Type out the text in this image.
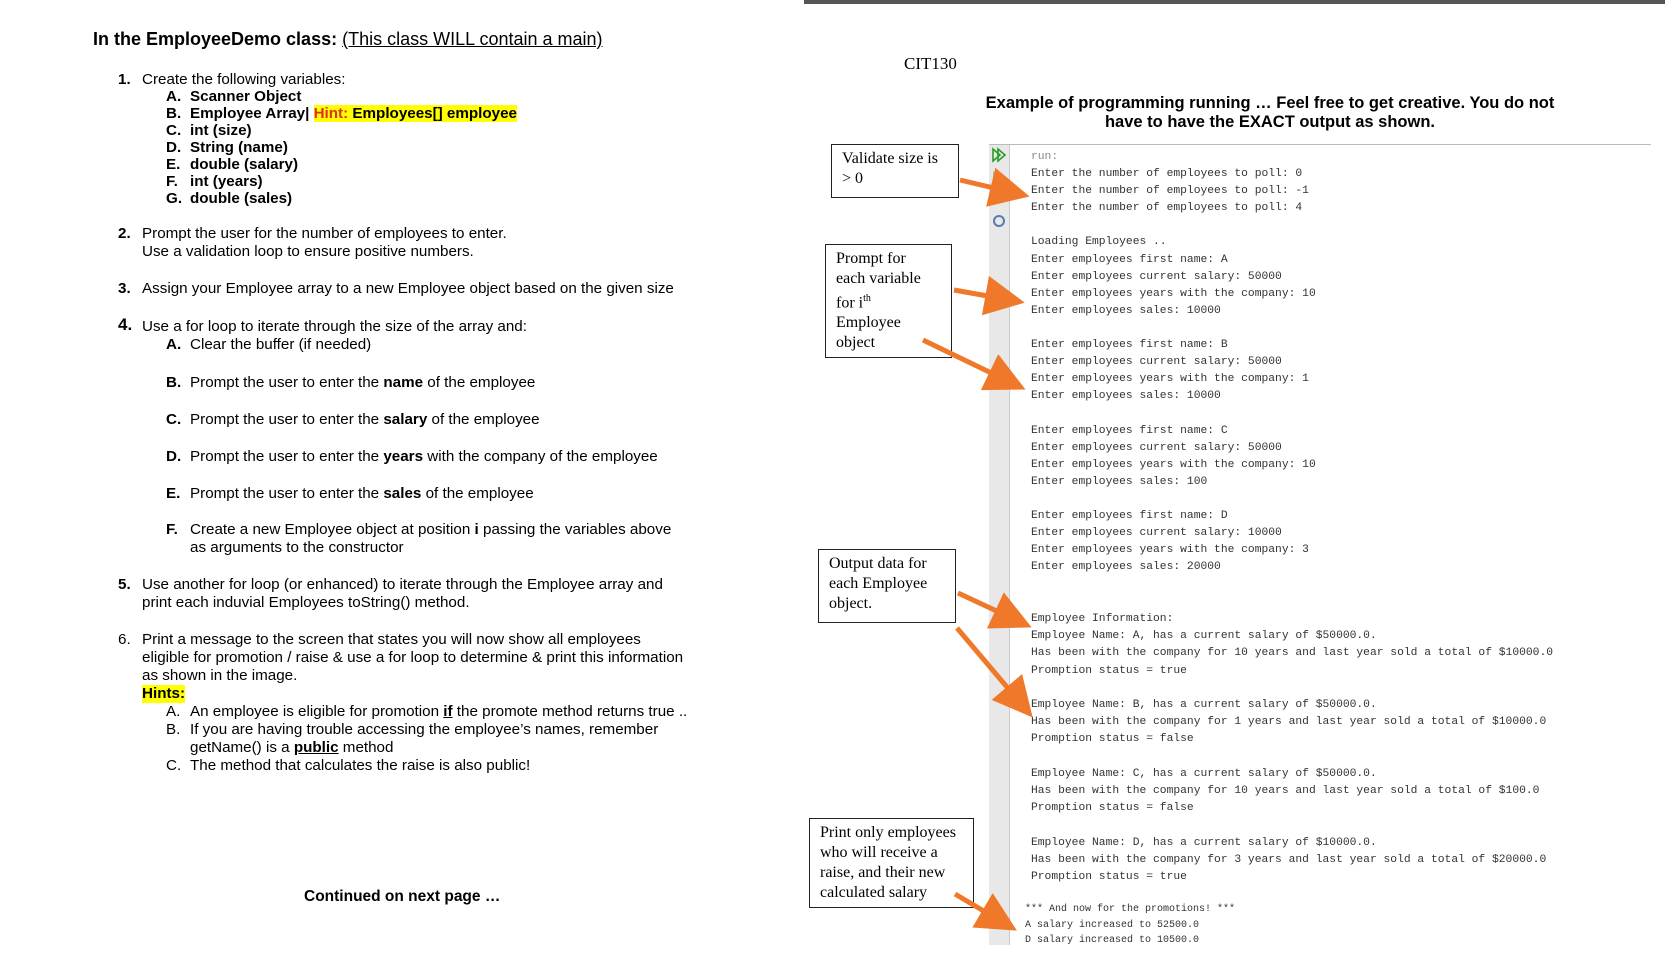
In the EmployeeDemo class: (This class WILL contain a main)
1. Create the following variables:
A. Scanner Object
B. Employee Array| Hint: Employees[] employee
C. int (size)
D. String (name)
E. double (salary)
F. int (years)
G. double (sales)
2. Prompt the user for the number of employees to enter.
Use a validation loop to ensure positive numbers.
3. Assign your Employee array to a new Employee object based on the given size
4. Use a for loop to iterate through the size of the array and:
A. Clear the buffer (if needed)
B. Prompt the user to enter the name of the employee
C. Prompt the user to enter the salary of the employee
D. Prompt the user to enter the years with the company of the employee
E. Prompt the user to enter the sales of the employee
F. Create a new Employee object at position i passing the variables above
as arguments to the constructor
5. Use another for loop (or enhanced) to iterate through the Employee array and
print each induvial Employees toString() method.
6. Print a message to the screen that states you will now show all employees
eligible for promotion / raise & use a for loop to determine & print this information
as shown in the image.
Hints:
A. An employee is eligible for promotion if the promote method returns true ..
B. If you are having trouble accessing the employee’s names, remember
getName() is a public method
C. The method that calculates the raise is also public!
Continued on next page …
CIT130
Example of programming running … Feel free to get creative. You do not
have to have the EXACT output as shown.
Validate size is
> 0
Prompt for
each variable
for $i^{th}$
Employee
object
Output data for
each Employee
object.
Print only employees
who will receive a
raise, and their new
calculated salary
run:
Enter the number of employees to poll: 0
Enter the number of employees to poll: -1
Enter the number of employees to poll: 4
Loading Employees ..
Enter employees first name: A
Enter employees current salary: 50000
Enter employees years with the company: 10
Enter employees sales: 10000
Enter employees first name: B
Enter employees current salary: 50000
Enter employees years with the company: 1
Enter employees sales: 10000
Enter employees first name: C
Enter employees current salary: 50000
Enter employees years with the company: 10
Enter employees sales: 100
Enter employees first name: D
Enter employees current salary: 10000
Enter employees years with the company: 3
Enter employees sales: 20000
Employee Information:
Employee Name: A, has a current salary of $50000.0.
Has been with the company for 10 years and last year sold a total of $10000.0
Promption status = true
Employee Name: B, has a current salary of $50000.0.
Has been with the company for 1 years and last year sold a total of $10000.0
Promption status = false
Employee Name: C, has a current salary of $50000.0.
Has been with the company for 10 years and last year sold a total of $100.0
Promption status = false
Employee Name: D, has a current salary of $10000.0.
Has been with the company for 3 years and last year sold a total of $20000.0
Promption status = true
*** And now for the promotions! ***
A salary increased to 52500.0
D salary increased to 10500.0
